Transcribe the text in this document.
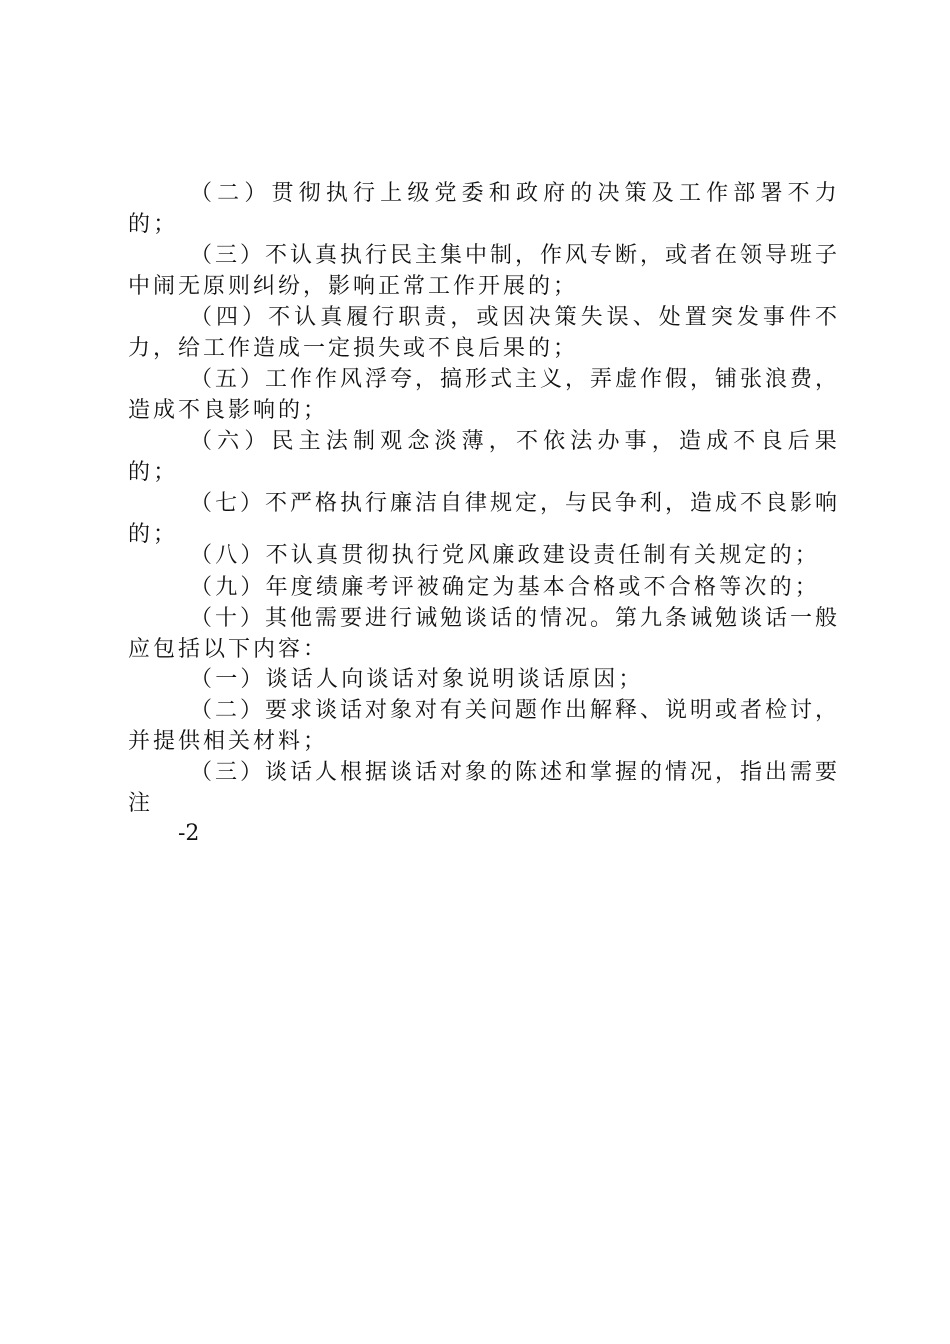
（二）贯彻执行上级党委和政府的决策及工作部署不力的；

（三）不认真执行民主集中制，作风专断，或者在领导班子中闹无原则纠纷，影响正常工作开展的；

（四）不认真履行职责，或因决策失误、处置突发事件不力，给工作造成一定损失或不良后果的；

（五）工作作风浮夸，搞形式主义，弄虚作假，铺张浪费，造成不良影响的；

（六）民主法制观念淡薄，不依法办事，造成不良后果的；

（七）不严格执行廉洁自律规定，与民争利，造成不良影响的；

（八）不认真贯彻执行党风廉政建设责任制有关规定的；

（九）年度绩廉考评被确定为基本合格或不合格等次的；

（十）其他需要进行诫勉谈话的情况。第九条诫勉谈话一般应包括以下内容：

（一）谈话人向谈话对象说明谈话原因；

（二）要求谈话对象对有关问题作出解释、说明或者检讨，并提供相关材料；

（三）谈话人根据谈话对象的陈述和掌握的情况，指出需要注

-2
